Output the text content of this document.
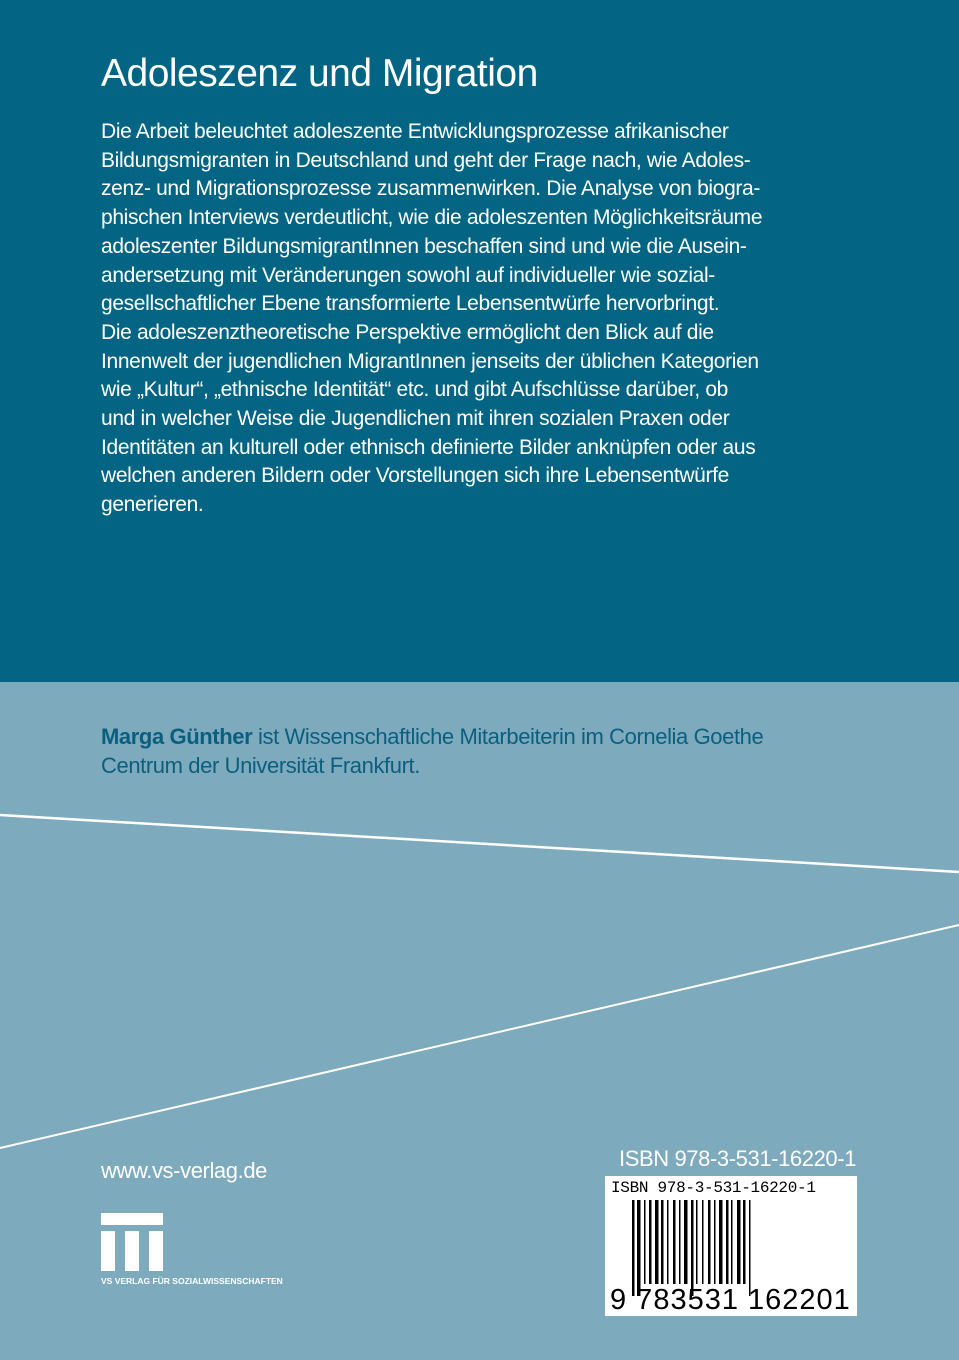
Adoleszenz und Migration
Die Arbeit beleuchtet adoleszente Entwicklungsprozesse afrikanischer
Bildungsmigranten in Deutschland und geht der Frage nach, wie Adoles-
zenz- und Migrationsprozesse zusammenwirken. Die Analyse von biogra-
phischen Interviews verdeutlicht, wie die adoleszenten Möglichkeitsräume
adoleszenter BildungsmigrantInnen beschaffen sind und wie die Ausein-
andersetzung mit Veränderungen sowohl auf individueller wie sozial-
gesellschaftlicher Ebene transformierte Lebensentwürfe hervorbringt.
Die adoleszenztheoretische Perspektive ermöglicht den Blick auf die
Innenwelt der jugendlichen MigrantInnen jenseits der üblichen Kategorien
wie „Kultur“, „ethnische Identität“ etc. und gibt Aufschlüsse darüber, ob
und in welcher Weise die Jugendlichen mit ihren sozialen Praxen oder
Identitäten an kulturell oder ethnisch definierte Bilder anknüpfen oder aus
welchen anderen Bildern oder Vorstellungen sich ihre Lebensentwürfe
generieren.
Marga Günther ist Wissenschaftliche Mitarbeiterin im Cornelia Goethe
Centrum der Universität Frankfurt.
www.vs-verlag.de
VS VERLAG FÜR SOZIALWISSENSCHAFTEN
ISBN 978-3-531-16220-1
ISBN 978-3-531-16220-1
9 783531 162201
